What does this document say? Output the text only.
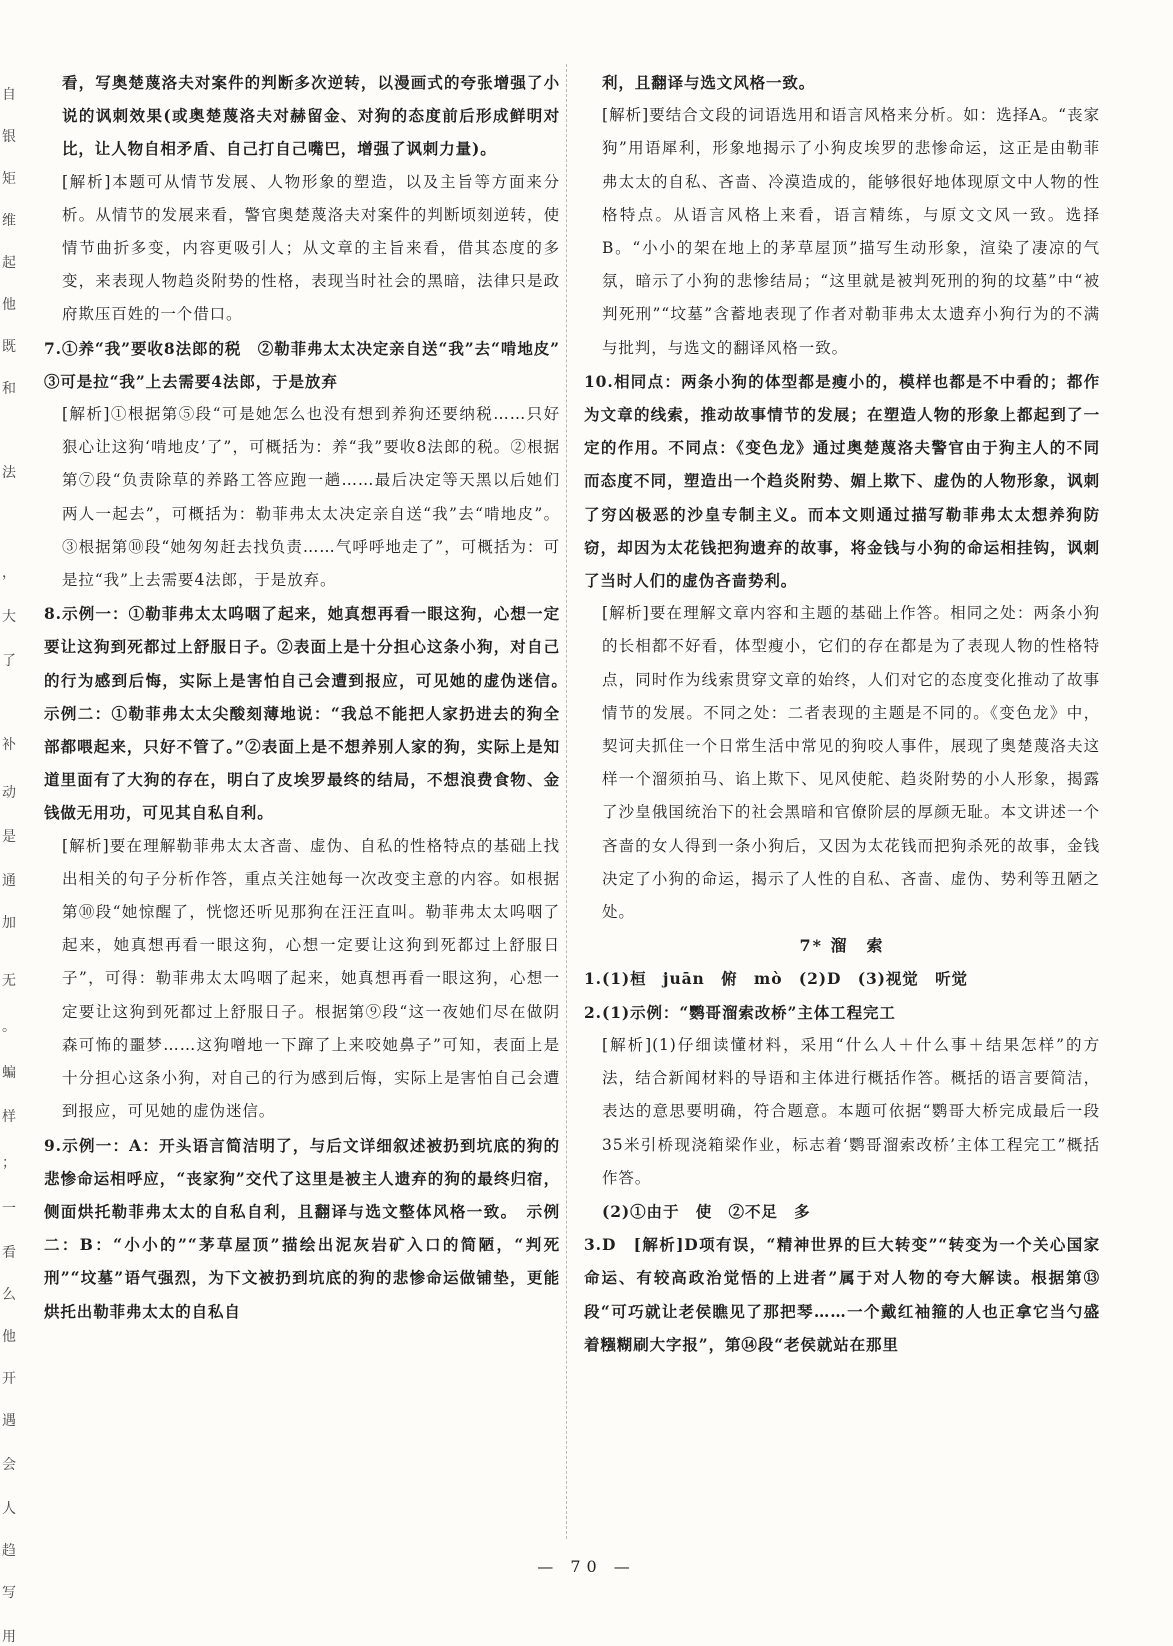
自
银
矩
维
起
他
既
和
法
，
大
了
补
动
是
通
加
无
。
蝙
样
；
一
看
么
他
开
遇
会
人
趋
写
用

看，写奥楚蔑洛夫对案件的判断多次逆转，以漫画式的夸张增强了小说的讽刺效果(或奥楚蔑洛夫对赫留金、对狗的态度前后形成鲜明对比，让人物自相矛盾、自己打自己嘴巴，增强了讽刺力量)。

[解析]本题可从情节发展、人物形象的塑造，以及主旨等方面来分析。从情节的发展来看，警官奥楚蔑洛夫对案件的判断顷刻逆转，使情节曲折多变，内容更吸引人；从文章的主旨来看，借其态度的多变，来表现人物趋炎附势的性格，表现当时社会的黑暗，法律只是政府欺压百姓的一个借口。

7.①养“我”要收8法郎的税　②勒菲弗太太决定亲自送“我”去“啃地皮”　③可是拉“我”上去需要4法郎，于是放弃

[解析]①根据第⑤段“可是她怎么也没有想到养狗还要纳税……只好狠心让这狗‘啃地皮’了”，可概括为：养“我”要收8法郎的税。②根据第⑦段“负责除草的养路工答应跑一趟……最后决定等天黑以后她们两人一起去”，可概括为：勒菲弗太太决定亲自送“我”去“啃地皮”。③根据第⑩段“她匆匆赶去找负责……气呼呼地走了”，可概括为：可是拉“我”上去需要4法郎，于是放弃。

8.示例一：①勒菲弗太太呜咽了起来，她真想再看一眼这狗，心想一定要让这狗到死都过上舒服日子。②表面上是十分担心这条小狗，对自己的行为感到后悔，实际上是害怕自己会遭到报应，可见她的虚伪迷信。　示例二：①勒菲弗太太尖酸刻薄地说：“我总不能把人家扔进去的狗全部都喂起来，只好不管了。”②表面上是不想养别人家的狗，实际上是知道里面有了大狗的存在，明白了皮埃罗最终的结局，不想浪费食物、金钱做无用功，可见其自私自利。

[解析]要在理解勒菲弗太太吝啬、虚伪、自私的性格特点的基础上找出相关的句子分析作答，重点关注她每一次改变主意的内容。如根据第⑩段“她惊醒了，恍惚还听见那狗在汪汪直叫。勒菲弗太太呜咽了起来，她真想再看一眼这狗，心想一定要让这狗到死都过上舒服日子”，可得：勒菲弗太太呜咽了起来，她真想再看一眼这狗，心想一定要让这狗到死都过上舒服日子。根据第⑨段“这一夜她们尽在做阴森可怖的噩梦……这狗噌地一下蹿了上来咬她鼻子”可知，表面上是十分担心这条小狗，对自己的行为感到后悔，实际上是害怕自己会遭到报应，可见她的虚伪迷信。

9.示例一：A：开头语言简洁明了，与后文详细叙述被扔到坑底的狗的悲惨命运相呼应，“丧家狗”交代了这里是被主人遗弃的狗的最终归宿，侧面烘托勒菲弗太太的自私自利，且翻译与选文整体风格一致。　示例二：B：“小小的”“茅草屋顶”描绘出泥灰岩矿入口的简陋，“判死刑”“坟墓”语气强烈，为下文被扔到坑底的狗的悲惨命运做铺垫，更能烘托出勒菲弗太太的自私自

利，且翻译与选文风格一致。

[解析]要结合文段的词语选用和语言风格来分析。如：选择A。“丧家狗”用语犀利，形象地揭示了小狗皮埃罗的悲惨命运，这正是由勒菲弗太太的自私、吝啬、冷漠造成的，能够很好地体现原文中人物的性格特点。从语言风格上来看，语言精练，与原文文风一致。选择B。“小小的架在地上的茅草屋顶”描写生动形象，渲染了凄凉的气氛，暗示了小狗的悲惨结局；“这里就是被判死刑的狗的坟墓”中“被判死刑”“坟墓”含蓄地表现了作者对勒菲弗太太遗弃小狗行为的不满与批判，与选文的翻译风格一致。

10.相同点：两条小狗的体型都是瘦小的，模样也都是不中看的；都作为文章的线索，推动故事情节的发展；在塑造人物的形象上都起到了一定的作用。不同点：《变色龙》通过奥楚蔑洛夫警官由于狗主人的不同而态度不同，塑造出一个趋炎附势、媚上欺下、虚伪的人物形象，讽刺了穷凶极恶的沙皇专制主义。而本文则通过描写勒菲弗太太想养狗防窃，却因为太花钱把狗遗弃的故事，将金钱与小狗的命运相挂钩，讽刺了当时人们的虚伪吝啬势利。

[解析]要在理解文章内容和主题的基础上作答。相同之处：两条小狗的长相都不好看，体型瘦小，它们的存在都是为了表现人物的性格特点，同时作为线索贯穿文章的始终，人们对它的态度变化推动了故事情节的发展。不同之处：二者表现的主题是不同的。《变色龙》中，契诃夫抓住一个日常生活中常见的狗咬人事件，展现了奥楚蔑洛夫这样一个溜须拍马、谄上欺下、见风使舵、趋炎附势的小人形象，揭露了沙皇俄国统治下的社会黑暗和官僚阶层的厚颜无耻。本文讲述一个吝啬的女人得到一条小狗后，又因为太花钱而把狗杀死的故事，金钱决定了小狗的命运，揭示了人性的自私、吝啬、虚伪、势利等丑陋之处。

7* 溜　索

1.(1)桓　juān　俯　mò　(2)D　(3)视觉　听觉

2.(1)示例：“鹦哥溜索改桥”主体工程完工

[解析](1)仔细读懂材料，采用“什么人＋什么事＋结果怎样”的方法，结合新闻材料的导语和主体进行概括作答。概括的语言要简洁，表达的意思要明确，符合题意。本题可依据“鹦哥大桥完成最后一段35米引桥现浇箱梁作业，标志着‘鹦哥溜索改桥’主体工程完工”概括作答。

(2)①由于　使　②不足　多

3.D　[解析]D项有误，“精神世界的巨大转变”“转变为一个关心国家命运、有较高政治觉悟的上进者”属于对人物的夸大解读。根据第⑬段“可巧就让老侯瞧见了那把琴……一个戴红袖箍的人也正拿它当勺盛着糨糊刷大字报”，第⑭段“老侯就站在那里

— 70 —
